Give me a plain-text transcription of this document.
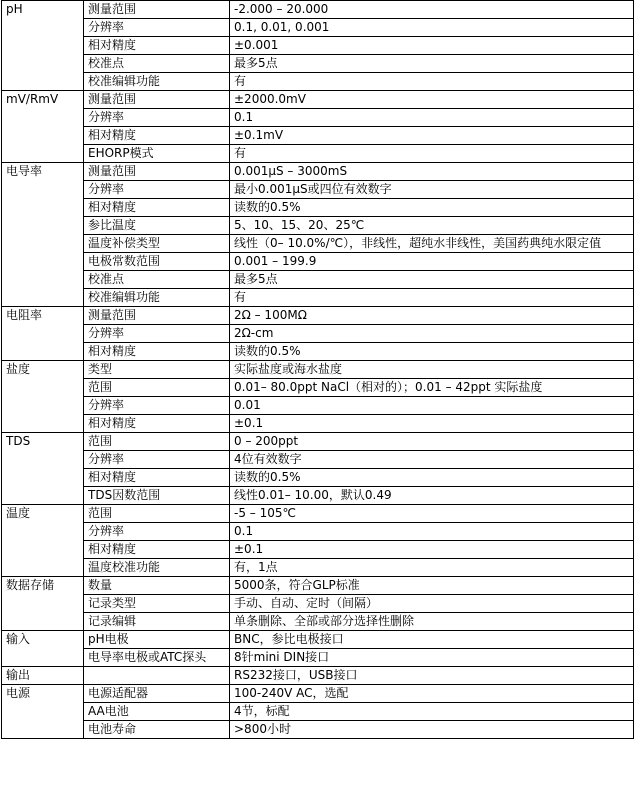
pH	测量范围	-2.000 – 20.000
	分辨率	0.1, 0.01, 0.001
	相对精度	±0.001
	校准点	最多5点
	校准编辑功能	有
mV/RmV	测量范围	±2000.0mV
	分辨率	0.1
	相对精度	±0.1mV
	EHORP模式	有
电导率	测量范围	0.001µS – 3000mS
	分辨率	最小0.001µS或四位有效数字
	相对精度	读数的0.5%
	参比温度	5、10、15、20、25℃
	温度补偿类型	线性（0– 10.0%/℃），非线性，超纯水非线性，美国药典纯水限定值
	电极常数范围	0.001 – 199.9
	校准点	最多5点
	校准编辑功能	有
电阻率	测量范围	2Ω – 100MΩ
	分辨率	2Ω-cm
	相对精度	读数的0.5%
盐度	类型	实际盐度或海水盐度
	范围	0.01– 80.0ppt NaCl（相对的）；0.01 – 42ppt 实际盐度
	分辨率	0.01
	相对精度	±0.1
TDS	范围	0 – 200ppt
	分辨率	4位有效数字
	相对精度	读数的0.5%
	TDS因数范围	线性0.01– 10.00，默认0.49
温度	范围	-5 – 105℃
	分辨率	0.1
	相对精度	±0.1
	温度校准功能	有，1点
数据存储	数量	5000条，符合GLP标准
	记录类型	手动、自动、定时（间隔）
	记录编辑	单条删除、全部或部分选择性删除
输入	pH电极	BNC，参比电极接口
	电导率电极或ATC探头	8针mini DIN接口
输出		RS232接口，USB接口
电源	电源适配器	100-240V AC，选配
	AA电池	4节，标配
	电池寿命	>800小时
